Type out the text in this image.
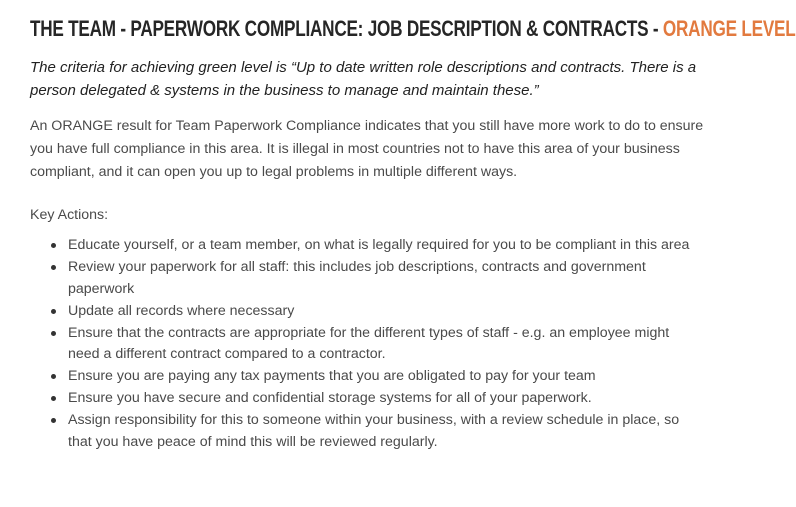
THE TEAM - PAPERWORK COMPLIANCE: JOB DESCRIPTION & CONTRACTS - ORANGE LEVEL

The criteria for achieving green level is “Up to date written role descriptions and contracts. There is a person delegated & systems in the business to manage and maintain these.”

An ORANGE result for Team Paperwork Compliance indicates that you still have more work to do to ensure you have full compliance in this area. It is illegal in most countries not to have this area of your business compliant, and it can open you up to legal problems in multiple different ways.

Key Actions:

Educate yourself, or a team member, on what is legally required for you to be compliant in this area
Review your paperwork for all staff: this includes job descriptions, contracts and government paperwork
Update all records where necessary
Ensure that the contracts are appropriate for the different types of staff - e.g. an employee might need a different contract compared to a contractor.
Ensure you are paying any tax payments that you are obligated to pay for your team
Ensure you have secure and confidential storage systems for all of your paperwork.
Assign responsibility for this to someone within your business, with a review schedule in place, so that you have peace of mind this will be reviewed regularly.
